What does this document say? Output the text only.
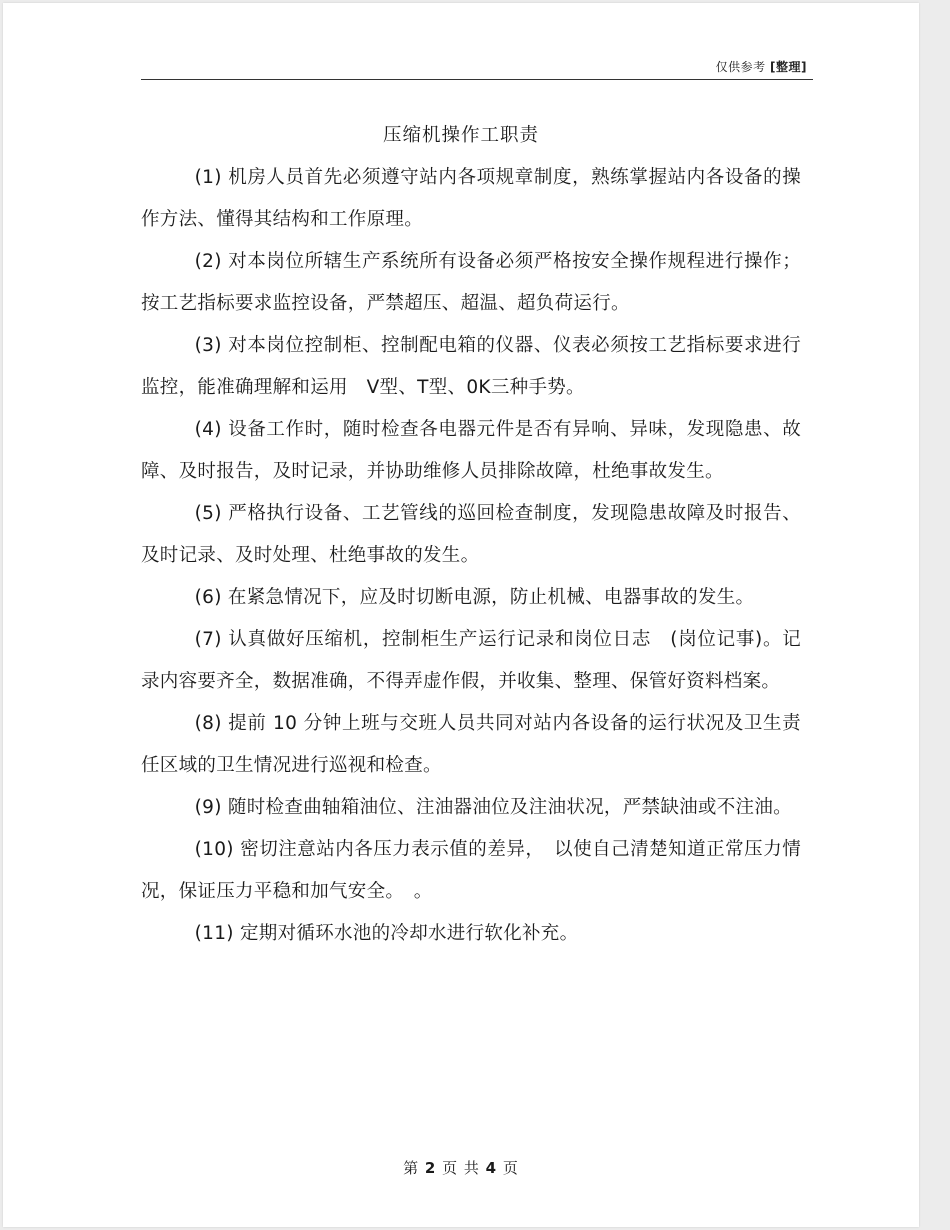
仅供参考 [整理]
压缩机操作工职责

(1) 机房人员首先必须遵守站内各项规章制度，熟练掌握站内各设备的操作方法、懂得其结构和工作原理。

(2) 对本岗位所辖生产系统所有设备必须严格按安全操作规程进行操作；按工艺指标要求监控设备，严禁超压、超温、超负荷运行。

(3) 对本岗位控制柜、控制配电箱的仪器、仪表必须按工艺指标要求进行监控，能准确理解和运用　V型、T型、0K三种手势。

(4) 设备工作时，随时检查各电器元件是否有异响、异味，发现隐患、故障、及时报告，及时记录，并协助维修人员排除故障，杜绝事故发生。

(5) 严格执行设备、工艺管线的巡回检查制度，发现隐患故障及时报告、及时记录、及时处理、杜绝事故的发生。

(6) 在紧急情况下，应及时切断电源，防止机械、电器事故的发生。

(7) 认真做好压缩机，控制柜生产运行记录和岗位日志　(岗位记事)。记录内容要齐全，数据准确，不得弄虚作假，并收集、整理、保管好资料档案。

(8) 提前 10 分钟上班与交班人员共同对站内各设备的运行状况及卫生责任区域的卫生情况进行巡视和检查。

(9) 随时检查曲轴箱油位、注油器油位及注油状况，严禁缺油或不注油。

(10) 密切注意站内各压力表示值的差异，　以使自己清楚知道正常压力情况，保证压力平稳和加气安全。　。

(11) 定期对循环水池的冷却水进行软化补充。

第 2 页 共 4 页
